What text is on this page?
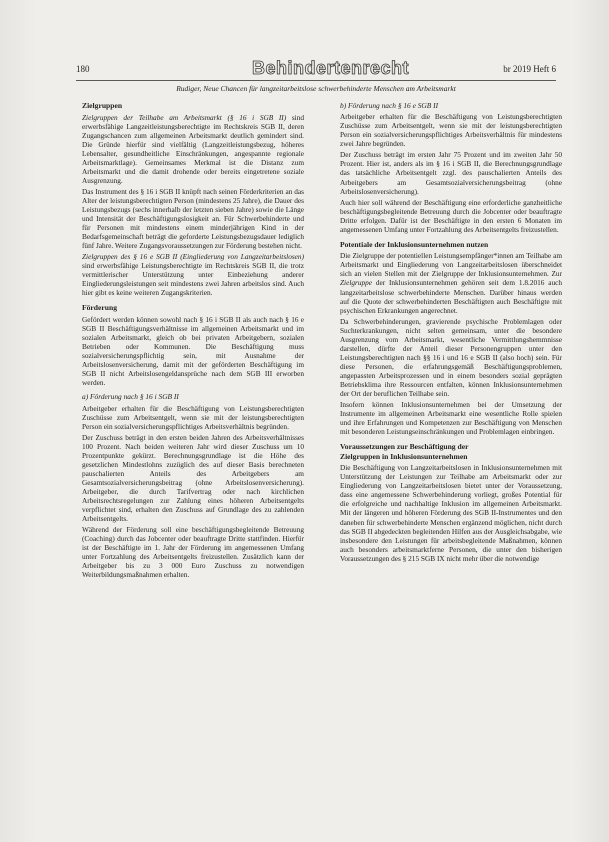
180	Behindertenrecht	br 2019 Heft 6
Rudiger, Neue Chancen für langzeitarbeitslose schwerbehinderte Menschen am Arbeitsmarkt
Zielgruppen

Zielgruppen der Teilhabe am Arbeitsmarkt (§ 16 i SGB II) sind erwerbsfähige Langzeitleistungsberechtigte im Rechtskreis SGB II, deren Zugangschancen zum allgemeinen Arbeitsmarkt deutlich gemindert sind. Die Gründe hierfür sind vielfältig (Langzeitleistungsbezug, höheres Lebensalter, gesundheitliche Einschränkungen, angespannte regionale Arbeitsmarktlage). Gemeinsames Merkmal ist die Distanz zum Arbeitsmarkt und die damit drohende oder bereits eingetretene soziale Ausgrenzung.

Das Instrument des § 16 i SGB II knüpft nach seinen Förderkriterien an das Alter der leistungsberechtigten Person (mindestens 25 Jahre), die Dauer des Leistungsbezugs (sechs innerhalb der letzten sieben Jahre) sowie die Länge und Intensität der Beschäftigungslosigkeit an. Für Schwerbehinderte und für Personen mit mindestens einem minderjährigen Kind in der Bedarfsgemeinschaft beträgt die geforderte Leistungsbezugsdauer lediglich fünf Jahre. Weitere Zugangsvoraussetzungen zur Förderung bestehen nicht.

Zielgruppen des § 16 e SGB II (Eingliederung von Langzeitarbeitslosen) sind erwerbsfähige Leistungsberechtigte im Rechtskreis SGB II, die trotz vermittlerischer Unterstützung unter Einbeziehung anderer Eingliederungsleistungen seit mindestens zwei Jahren arbeitslos sind. Auch hier gibt es keine weiteren Zugangskriterien.

Förderung

Gefördert werden können sowohl nach § 16 i SGB II als auch nach § 16 e SGB II Beschäftigungsverhältnisse im allgemeinen Arbeitsmarkt und im sozialen Arbeitsmarkt, gleich ob bei privaten Arbeitgebern, sozialen Betrieben oder Kommunen. Die Beschäftigung muss sozialversicherungspflichtig sein, mit Ausnahme der Arbeitslosenversicherung, damit mit der geförderten Beschäftigung im SGB II nicht Arbeitslosengeldansprüche nach dem SGB III erworben werden.

a) Förderung nach § 16 i SGB II

Arbeitgeber erhalten für die Beschäftigung von Leistungsberechtigten Zuschüsse zum Arbeitsentgelt, wenn sie mit der leistungsberechtigten Person ein sozialversicherungspflichtiges Arbeitsverhältnis begründen.

Der Zuschuss beträgt in den ersten beiden Jahren des Arbeitsverhältnisses 100 Prozent. Nach beiden weiteren Jahr wird dieser Zuschuss um 10 Prozentpunkte gekürzt. Berechnungsgrundlage ist die Höhe des gesetzlichen Mindestlohns zuzüglich des auf dieser Basis berechneten pauschalierten Anteils des Arbeitgebers am Gesamtsozialversicherungsbeitrag (ohne Arbeitslosenversicherung). Arbeitgeber, die durch Tarifvertrag oder nach kirchlichen Arbeitsrechtsregelungen zur Zahlung eines höheren Arbeitsentgelts verpflichtet sind, erhalten den Zuschuss auf Grundlage des zu zahlenden Arbeitsentgelts.

Während der Förderung soll eine beschäftigungsbegleitende Betreuung (Coaching) durch das Jobcenter oder beauftragte Dritte stattfinden. Hierfür ist der Beschäftigte im 1. Jahr der Förderung im angemessenen Umfang unter Fortzahlung des Arbeitsentgelts freizustellen. Zusätzlich kann der Arbeitgeber bis zu 3 000 Euro Zuschuss zu notwendigen Weiterbildungsmaßnahmen erhalten.

b) Förderung nach § 16 e SGB II

Arbeitgeber erhalten für die Beschäftigung von Leistungsberechtigten Zuschüsse zum Arbeitsentgelt, wenn sie mit der leistungsberechtigten Person ein sozialversicherungspflichtiges Arbeitsverhältnis für mindestens zwei Jahre begründen.

Der Zuschuss beträgt im ersten Jahr 75 Prozent und im zweiten Jahr 50 Prozent. Hier ist, anders als im § 16 i SGB II, die Berechnungsgrundlage das tatsächliche Arbeitsentgelt zzgl. des pauschalierten Anteils des Arbeitgebers am Gesamtsozialversicherungsbeitrag (ohne Arbeitslosenversicherung).

Auch hier soll während der Beschäftigung eine erforderliche ganzheitliche beschäftigungsbegleitende Betreuung durch die Jobcenter oder beauftragte Dritte erfolgen. Dafür ist der Beschäftigte in den ersten 6 Monaten im angemessenen Umfang unter Fortzahlung des Arbeitsentgelts freizustellen.

Potentiale der Inklusionsunternehmen nutzen

Die Zielgruppe der potentiellen Leistungsempfänger*innen am Teilhabe am Arbeitsmarkt und Eingliederung von Langzeitarbeitslosen überschneidet sich an vielen Stellen mit der Zielgruppe der Inklusionsunternehmen. Zur Zielgruppe der Inklusionsunternehmen gehören seit dem 1.8.2016 auch langzeitarbeitslose schwerbehinderte Menschen. Darüber hinaus werden auf die Quote der schwerbehinderten Beschäftigten auch Beschäftigte mit psychischen Erkrankungen angerechnet.

Da Schwerbehinderungen, gravierende psychische Problemlagen oder Suchterkrankungen, nicht selten gemeinsam, unter die besondere Ausgrenzung vom Arbeitsmarkt, wesentliche Vermittlungshemmnisse darstellen, dürfte der Anteil dieser Personengruppen unter den Leistungsberechtigten nach §§ 16 i und 16 e SGB II (also hoch) sein. Für diese Personen, die erfahrungsgemäß Beschäftigungsproblemen, angepassten Arbeitsprozessen und in einem besonders sozial geprägten Betriebsklima ihre Ressourcen entfalten, können Inklusionsunternehmen der Ort der beruflichen Teilhabe sein.

Insofern können Inklusionsunternehmen bei der Umsetzung der Instrumente im allgemeinen Arbeitsmarkt eine wesentliche Rolle spielen und ihre Erfahrungen und Kompetenzen zur Beschäftigung von Menschen mit besonderen Leistungseinschränkungen und Problemlagen einbringen.

Voraussetzungen zur Beschäftigung der
Zielgruppen in Inklusionsunternehmen

Die Beschäftigung von Langzeitarbeitslosen in Inklusionsunternehmen mit Unterstützung der Leistungen zur Teilhabe am Arbeitsmarkt oder zur Eingliederung von Langzeitarbeitslosen bietet unter der Voraussetzung, dass eine angemessene Schwerbehinderung vorliegt, großes Potential für die erfolgreiche und nachhaltige Inklusion im allgemeinen Arbeitsmarkt. Mit der längeren und höheren Förderung des SGB II-Instrumentes und den daneben für schwerbehinderte Menschen ergänzend möglichen, nicht durch das SGB II abgedeckten begleitenden Hilfen aus der Ausgleichsabgabe, wie insbesondere den Leistungen für arbeitsbegleitende Maßnahmen, können auch besonders arbeitsmarktferne Personen, die unter den bisherigen Voraussetzungen des § 215 SGB IX nicht mehr über die notwendige
